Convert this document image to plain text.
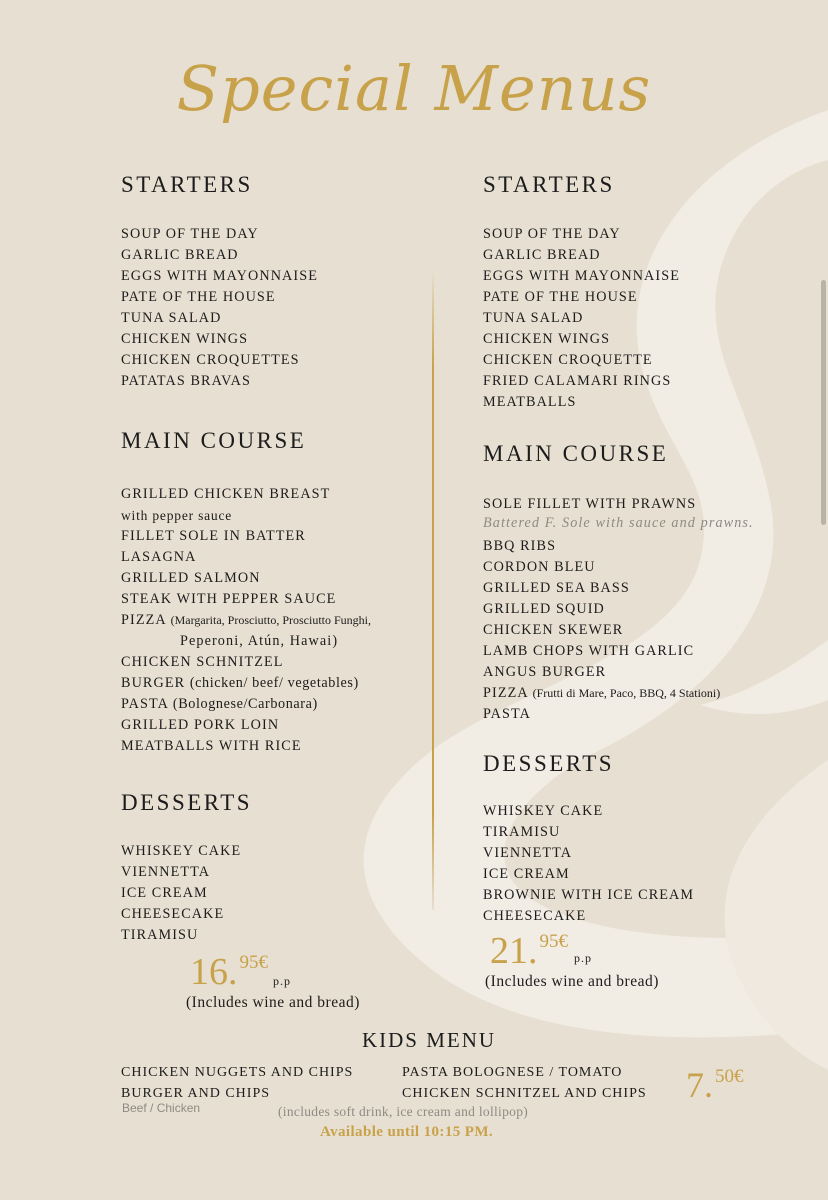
Special Menus
STARTERS
SOUP OF THE DAY
GARLIC BREAD
EGGS WITH MAYONNAISE
PATE OF THE HOUSE
TUNA SALAD
CHICKEN WINGS
CHICKEN CROQUETTES
PATATAS BRAVAS
MAIN COURSE
GRILLED CHICKEN BREAST
with pepper sauce
FILLET SOLE IN BATTER
LASAGNA
GRILLED SALMON
STEAK WITH PEPPER SAUCE
PIZZA (Margarita, Prosciutto, Prosciutto Funghi,
Peperoni, Atún, Hawai)
CHICKEN SCHNITZEL
BURGER (chicken/ beef/ vegetables)
PASTA (Bolognese/Carbonara)
GRILLED PORK LOIN
MEATBALLS WITH RICE
DESSERTS
WHISKEY CAKE
VIENNETTA
ICE CREAM
CHEESECAKE
TIRAMISU
16. $^{95€}$
p.p
(Includes wine and bread)
STARTERS
SOUP OF THE DAY
GARLIC BREAD
EGGS WITH MAYONNAISE
PATE OF THE HOUSE
TUNA SALAD
CHICKEN WINGS
CHICKEN CROQUETTE
FRIED CALAMARI RINGS
MEATBALLS
MAIN COURSE
SOLE FILLET WITH PRAWNS
Battered F. Sole with sauce and prawns.
BBQ RIBS
CORDON BLEU
GRILLED SEA BASS
GRILLED SQUID
CHICKEN SKEWER
LAMB CHOPS WITH GARLIC
ANGUS BURGER
PIZZA (Frutti di Mare, Paco, BBQ, 4 Stationi)
PASTA
DESSERTS
WHISKEY CAKE
TIRAMISU
VIENNETTA
ICE CREAM
BROWNIE WITH ICE CREAM
CHEESECAKE
21. $^{95€}$
p.p
(Includes wine and bread)
KIDS MENU
CHICKEN NUGGETS AND CHIPS
BURGER AND CHIPS
Beef / Chicken
PASTA BOLOGNESE / TOMATO
CHICKEN SCHNITZEL AND CHIPS 7. $^{50€}$
(includes soft drink, ice cream and lollipop)
Available until 10:15 PM.
